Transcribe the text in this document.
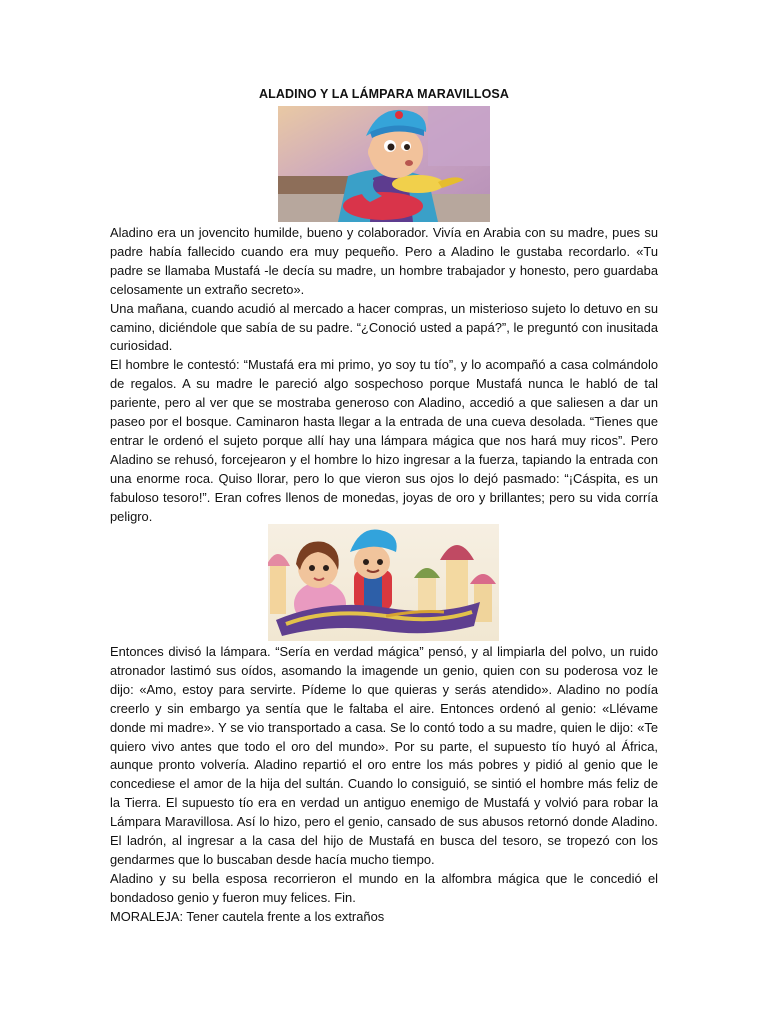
ALADINO Y LA LÁMPARA MARAVILLOSA

Aladino era un jovencito humilde, bueno y colaborador. Vivía en Arabia con su madre, pues su padre había fallecido cuando era muy pequeño. Pero a Aladino le gustaba recordarlo. «Tu padre se llamaba Mustafá -le decía su madre, un hombre trabajador y honesto, pero guardaba celosamente un extraño secreto».

Una mañana, cuando acudió al mercado a hacer compras, un misterioso sujeto lo detuvo en su camino, diciéndole que sabía de su padre. “¿Conoció usted a papá?”, le preguntó con inusitada curiosidad.

El hombre le contestó: “Mustafá era mi primo, yo soy tu tío”, y lo acompañó a casa colmándolo de regalos. A su madre le pareció algo sospechoso porque Mustafá nunca le habló de tal pariente, pero al ver que se mostraba generoso con Aladino, accedió a que saliesen a dar un paseo por el bosque. Caminaron hasta llegar a la entrada de una cueva desolada. “Tienes que entrar le ordenó el sujeto porque allí hay una lámpara mágica que nos hará muy ricos”. Pero Aladino se rehusó, forcejearon y el hombre lo hizo ingresar a la fuerza, tapiando la entrada con una enorme roca. Quiso llorar, pero lo que vieron sus ojos lo dejó pasmado: “¡Cáspita, es un fabuloso tesoro!”. Eran cofres llenos de monedas, joyas de oro y brillantes; pero su vida corría peligro.

Entonces divisó la lámpara. “Sería en verdad mágica” pensó, y al limpiarla del polvo, un ruido atronador lastimó sus oídos, asomando la imagende un genio, quien con su poderosa voz le dijo: «Amo, estoy para servirte. Pídeme lo que quieras y serás atendido». Aladino no podía creerlo y sin embargo ya sentía que le faltaba el aire. Entonces ordenó al genio: «Llévame donde mi madre». Y se vio transportado a casa. Se lo contó todo a su madre, quien le dijo: «Te quiero vivo antes que todo el oro del mundo». Por su parte, el supuesto tío huyó al África, aunque pronto volvería. Aladino repartió el oro entre los más pobres y pidió al genio que le concediese el amor de la hija del sultán. Cuando lo consiguió, se sintió el hombre más feliz de la Tierra. El supuesto tío era en verdad un antiguo enemigo de Mustafá y volvió para robar la Lámpara Maravillosa. Así lo hizo, pero el genio, cansado de sus abusos retornó donde Aladino. El ladrón, al ingresar a la casa del hijo de Mustafá en busca del tesoro, se tropezó con los gendarmes que lo buscaban desde hacía mucho tiempo.

Aladino y su bella esposa recorrieron el mundo en la alfombra mágica que le concedió el bondadoso genio y fueron muy felices. Fin.

MORALEJA: Tener cautela frente a los extraños
